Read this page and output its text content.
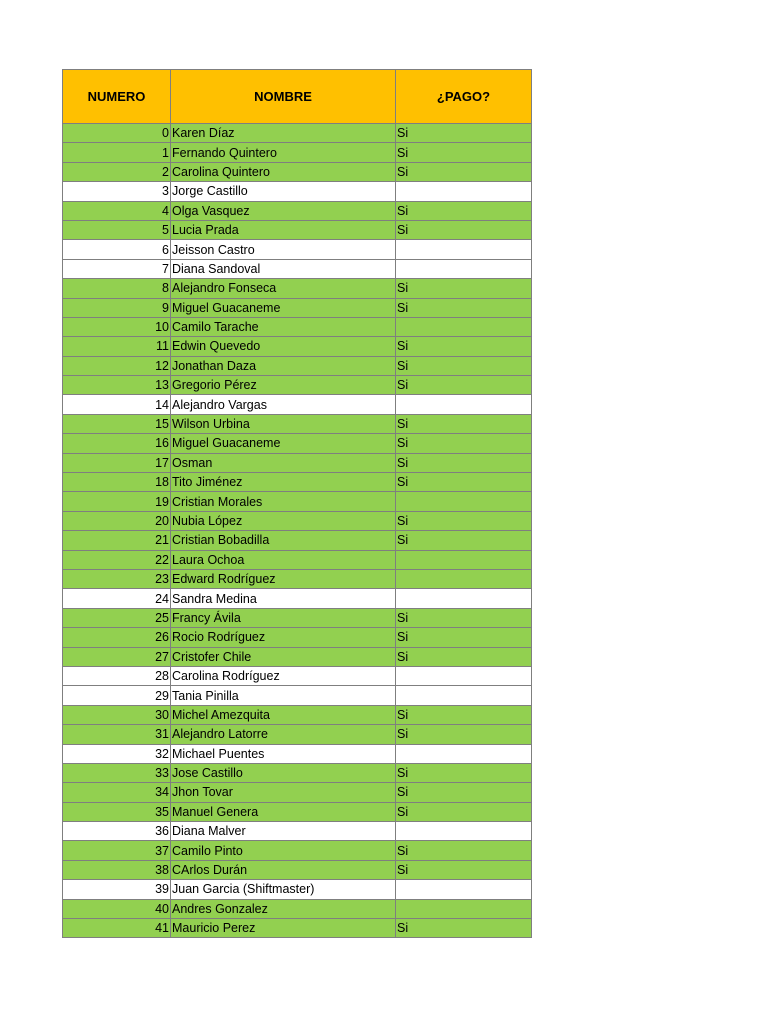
NUMERO	NOMBRE	¿PAGO?
0	Karen Díaz	Si
1	Fernando Quintero	Si
2	Carolina Quintero	Si
3	Jorge Castillo	
4	Olga Vasquez	Si
5	Lucia Prada	Si
6	Jeisson Castro	
7	Diana Sandoval	
8	Alejandro Fonseca	Si
9	Miguel Guacaneme	Si
10	Camilo Tarache	
11	Edwin Quevedo	Si
12	Jonathan Daza	Si
13	Gregorio Pérez	Si
14	Alejandro Vargas	
15	Wilson Urbina	Si
16	Miguel Guacaneme	Si
17	Osman	Si
18	Tito Jiménez	Si
19	Cristian Morales	
20	Nubia López	Si
21	Cristian Bobadilla	Si
22	Laura Ochoa	
23	Edward Rodríguez	
24	Sandra Medina	
25	Francy Ávila	Si
26	Rocio Rodríguez	Si
27	Cristofer Chile	Si
28	Carolina Rodríguez	
29	Tania Pinilla	
30	Michel Amezquita	Si
31	Alejandro Latorre	Si
32	Michael Puentes	
33	Jose Castillo	Si
34	Jhon Tovar	Si
35	Manuel Genera	Si
36	Diana Malver	
37	Camilo Pinto	Si
38	CArlos Durán	Si
39	Juan Garcia (Shiftmaster)	
40	Andres Gonzalez	
41	Mauricio Perez	Si
